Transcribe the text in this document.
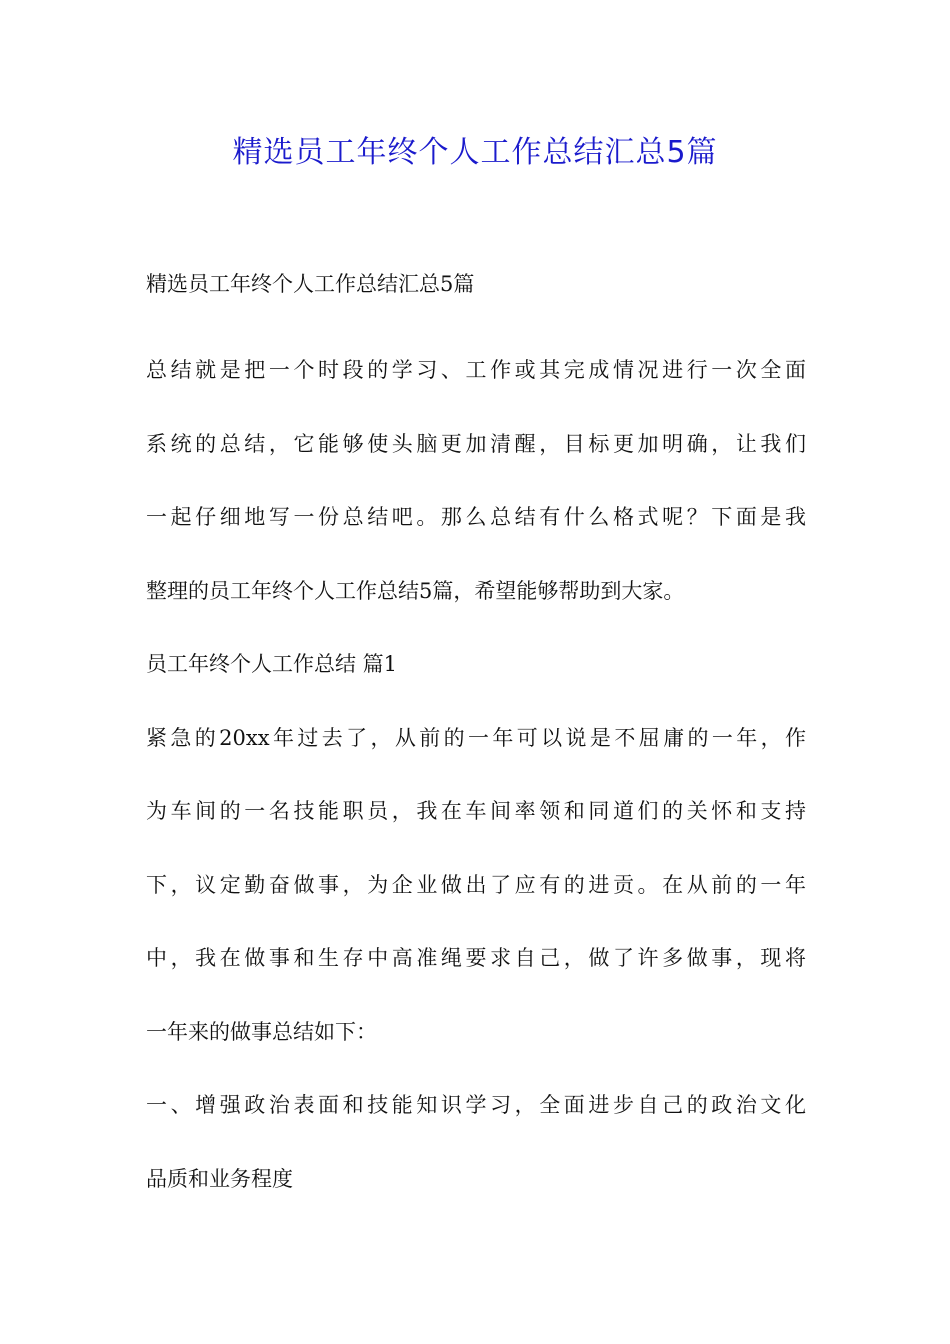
精选员工年终个人工作总结汇总5篇
精选员工年终个人工作总结汇总5篇
总结就是把一个时段的学习、工作或其完成情况进行一次全面
系统的总结，它能够使头脑更加清醒，目标更加明确，让我们
一起仔细地写一份总结吧。那么总结有什么格式呢？下面是我
整理的员工年终个人工作总结5篇，希望能够帮助到大家。
员工年终个人工作总结 篇1
紧急的20xx年过去了，从前的一年可以说是不屈庸的一年，作
为车间的一名技能职员，我在车间率领和同道们的关怀和支持
下，议定勤奋做事，为企业做出了应有的进贡。在从前的一年
中，我在做事和生存中高准绳要求自己，做了许多做事，现将
一年来的做事总结如下：
一、增强政治表面和技能知识学习，全面进步自己的政治文化
品质和业务程度
